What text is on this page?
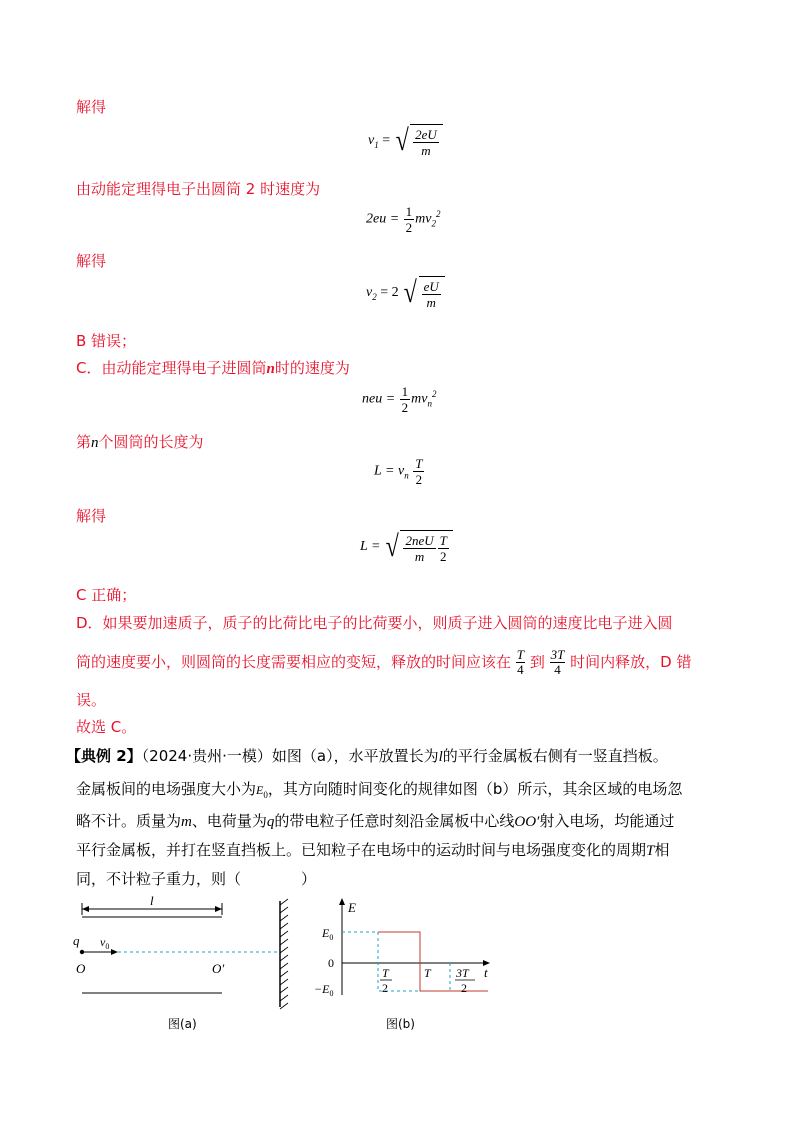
解得
$v_1$ = √ $\frac{2eU}{m}$
由动能定理得电子出圆筒 2 时速度为
$2eu = \frac{1}{2} mv_2^2$
解得
$v_2 = 2$ √ $\frac{eU}{m}$
B 错误；
C．由动能定理得电子进圆筒n时的速度为
neu = $\frac{1}{2} mv_n^2$
第n个圆筒的长度为
$L = v_n \frac{T}{2}$
解得
L = √ $\frac{\text{2neU}}{m} \frac{T}{2}$
C 正确；
D．如果要加速质子，质子的比荷比电子的比荷要小，则质子进入圆筒的速度比电子进入圆
筒的速度要小，则圆筒的长度需要相应的变短，释放的时间应该在 $\frac{T}{4}$ 到 $\frac{3T}{4}$ 时间内释放，D 错
误。
故选 C。
【典例 2】（2024·贵州·一模）如图（a），水平放置长为l的平行金属板右侧有一竖直挡板。
金属板间的电场强度大小为$E_0$，其方向随时间变化的规律如图（b）所示，其余区域的电场忽
略不计。质量为m、电荷量为q的带电粒子任意时刻沿金属板中心线OO′射入电场，均能通过
平行金属板，并打在竖直挡板上。已知粒子在电场中的运动时间与电场强度变化的周期T相
同，不计粒子重力，则（　　　　）
l
q $v_0$
O	O′
图(a)
E
t
$E_0$
0
$-E_0$
T
2
T 3T
2
图(b)
